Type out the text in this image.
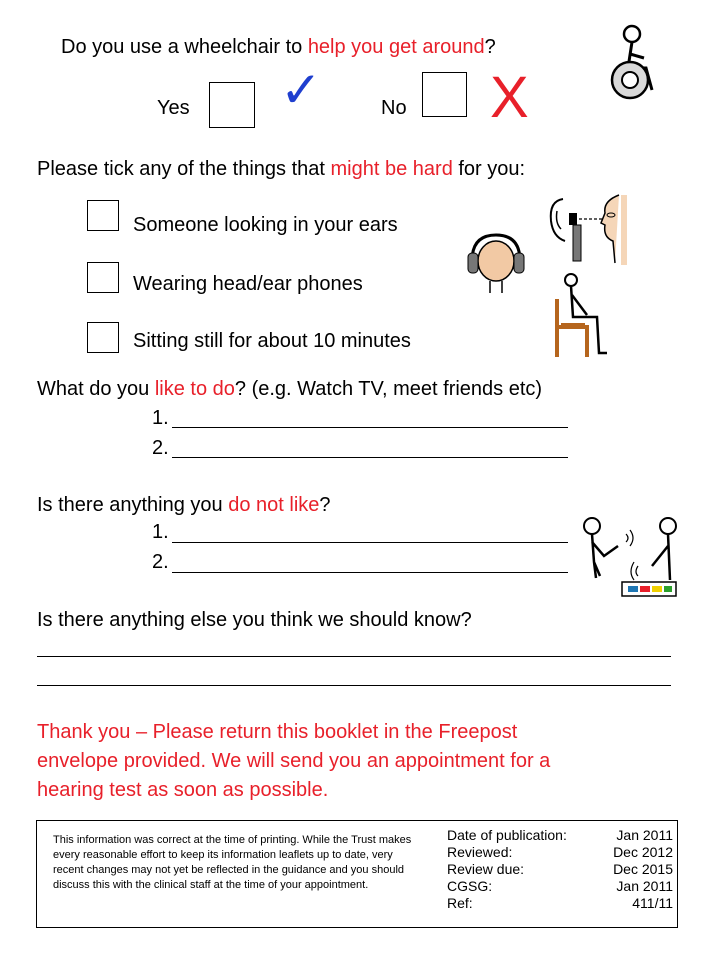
Do you use a wheelchair to help you get around?
Yes ✓	No X
Please tick any of the things that might be hard for you:
Someone looking in your ears
Wearing head/ear phones
Sitting still for about 10 minutes
What do you like to do? (e.g. Watch TV, meet friends etc)
1.
2.
Is there anything you do not like?
1.
2.
Is there anything else you think we should know?
Thank you – Please return this booklet in the Freepost
envelope provided. We will send you an appointment for a
hearing test as soon as possible.
This information was correct at the time of printing. While the Trust makes every reasonable effort to keep its information leaflets up to date, very recent changes may not yet be reflected in the guidance and you should discuss this with the clinical staff at the time of your appointment.
Date of publication:	Jan 2011
Reviewed:	Dec 2012
Review due:	Dec 2015
CGSG:	Jan 2011
Ref:	411/11
